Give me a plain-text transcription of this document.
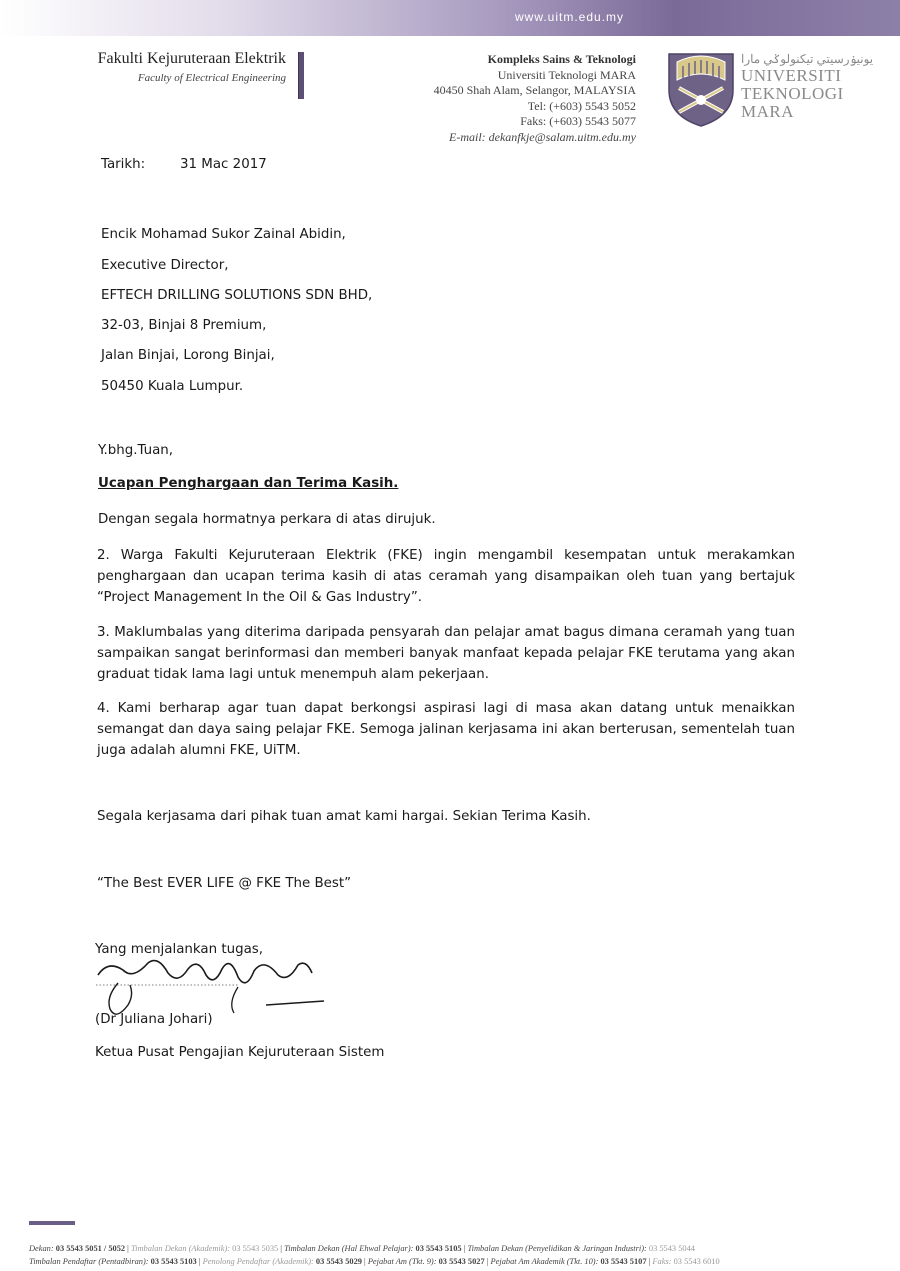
www.uitm.edu.my
Fakulti Kejuruteraan Elektrik
Faculty of Electrical Engineering
Kompleks Sains & Teknologi
Universiti Teknologi MARA
40450 Shah Alam, Selangor, MALAYSIA
Tel: (+603) 5543 5052
Faks: (+603) 5543 5077
E-mail: dekanfkje@salam.uitm.edu.my
يونيۏرسيتي تيكنولوݢي مارا
UNIVERSITI
TEKNOLOGI
MARA
Tarikh:	31 Mac 2017
Encik Mohamad Sukor Zainal Abidin,
Executive Director,
EFTECH DRILLING SOLUTIONS SDN BHD,
32-03, Binjai 8 Premium,
Jalan Binjai, Lorong Binjai,
50450 Kuala Lumpur.
Y.bhg.Tuan,
Ucapan Penghargaan dan Terima Kasih.
Dengan segala hormatnya perkara di atas dirujuk.
2. Warga Fakulti Kejuruteraan Elektrik (FKE) ingin mengambil kesempatan untuk merakamkan penghargaan dan ucapan terima kasih di atas ceramah yang disampaikan oleh tuan yang bertajuk “Project Management In the Oil & Gas Industry”.
3. Maklumbalas yang diterima daripada pensyarah dan pelajar amat bagus dimana ceramah yang tuan sampaikan sangat berinformasi dan memberi banyak manfaat kepada pelajar FKE terutama yang akan graduat tidak lama lagi untuk menempuh alam pekerjaan.
4. Kami berharap agar tuan dapat berkongsi aspirasi lagi di masa akan datang untuk menaikkan semangat dan daya saing pelajar FKE. Semoga jalinan kerjasama ini akan berterusan, sementelah tuan juga adalah alumni FKE, UiTM.
Segala kerjasama dari pihak tuan amat kami hargai. Sekian Terima Kasih.
“The Best EVER LIFE @ FKE The Best”
Yang menjalankan tugas,
(Dr Juliana Johari)
Ketua Pusat Pengajian Kejuruteraan Sistem
Dekan: 03 5543 5051 / 5052 | Timbalan Dekan (Akademik): 03 5543 5035 | Timbalan Dekan (Hal Ehwal Pelajar): 03 5543 5105 | Timbalan Dekan (Penyelidikan & Jaringan Industri): 03 5543 5044
Timbalan Pendaftar (Pentadbiran): 03 5543 5103 | Penolong Pendaftar (Akademik): 03 5543 5029 | Pejabat Am (Tkt. 9): 03 5543 5027 | Pejabat Am Akademik (Tkt. 10): 03 5543 5107 | Faks: 03 5543 6010
